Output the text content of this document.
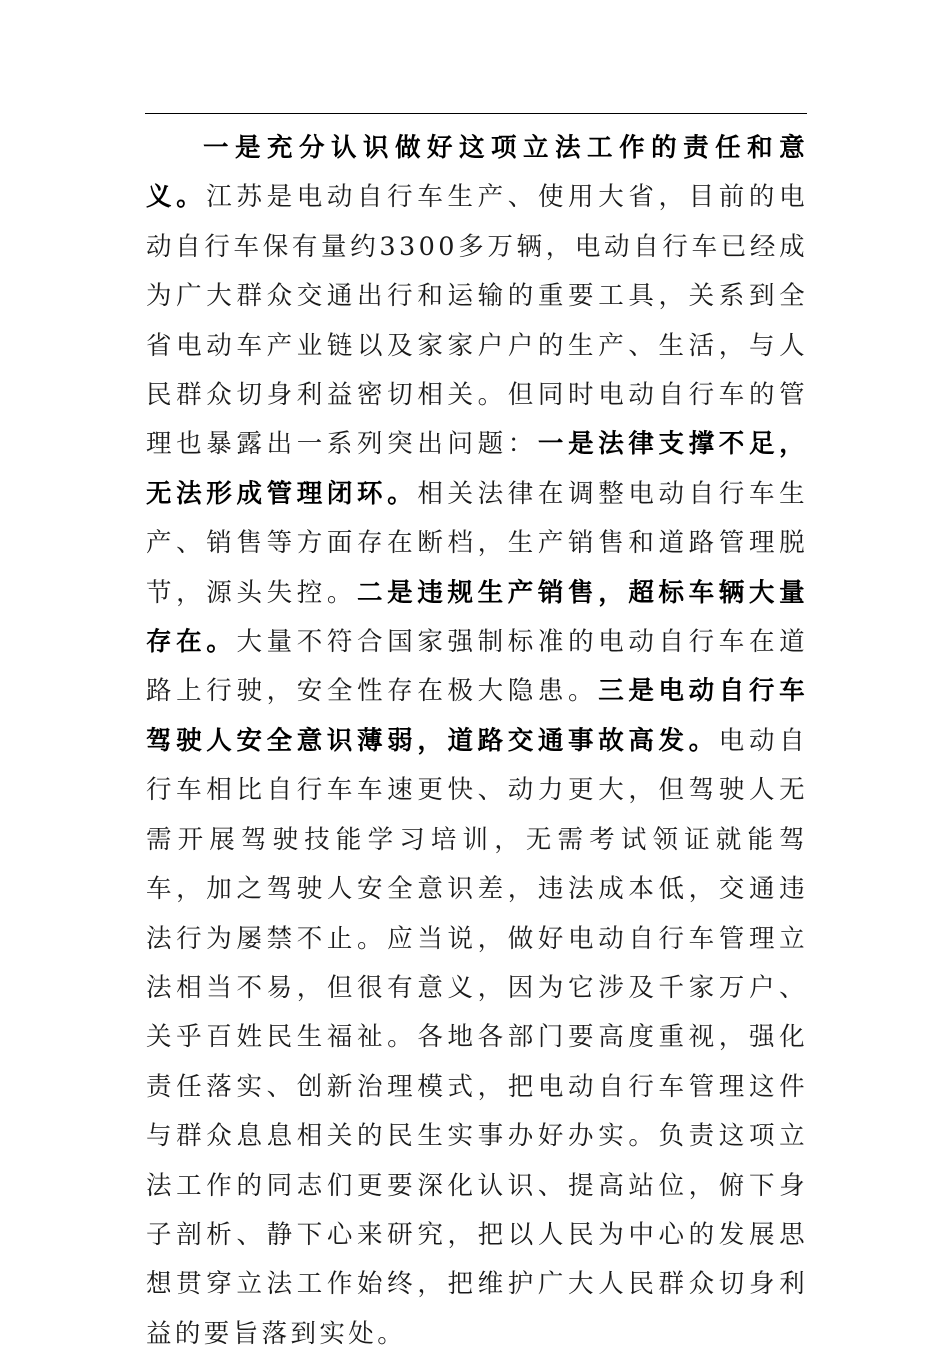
一是充分认识做好这项立法工作的责任和意义。江苏是电动自行车生产、使用大省，目前的电动自行车保有量约3300多万辆，电动自行车已经成为广大群众交通出行和运输的重要工具，关系到全省电动车产业链以及家家户户的生产、生活，与人民群众切身利益密切相关。但同时电动自行车的管理也暴露出一系列突出问题：一是法律支撑不足，无法形成管理闭环。相关法律在调整电动自行车生产、销售等方面存在断档，生产销售和道路管理脱节，源头失控。二是违规生产销售，超标车辆大量存在。大量不符合国家强制标准的电动自行车在道路上行驶，安全性存在极大隐患。三是电动自行车驾驶人安全意识薄弱，道路交通事故高发。电动自行车相比自行车车速更快、动力更大，但驾驶人无需开展驾驶技能学习培训，无需考试领证就能驾车，加之驾驶人安全意识差，违法成本低，交通违法行为屡禁不止。应当说，做好电动自行车管理立法相当不易，但很有意义，因为它涉及千家万户、关乎百姓民生福祉。各地各部门要高度重视，强化责任落实、创新治理模式，把电动自行车管理这件与群众息息相关的民生实事办好办实。负责这项立法工作的同志们更要深化认识、提高站位，俯下身子剖析、静下心来研究，把以人民为中心的发展思想贯穿立法工作始终，把维护广大人民群众切身利益的要旨落到实处。
